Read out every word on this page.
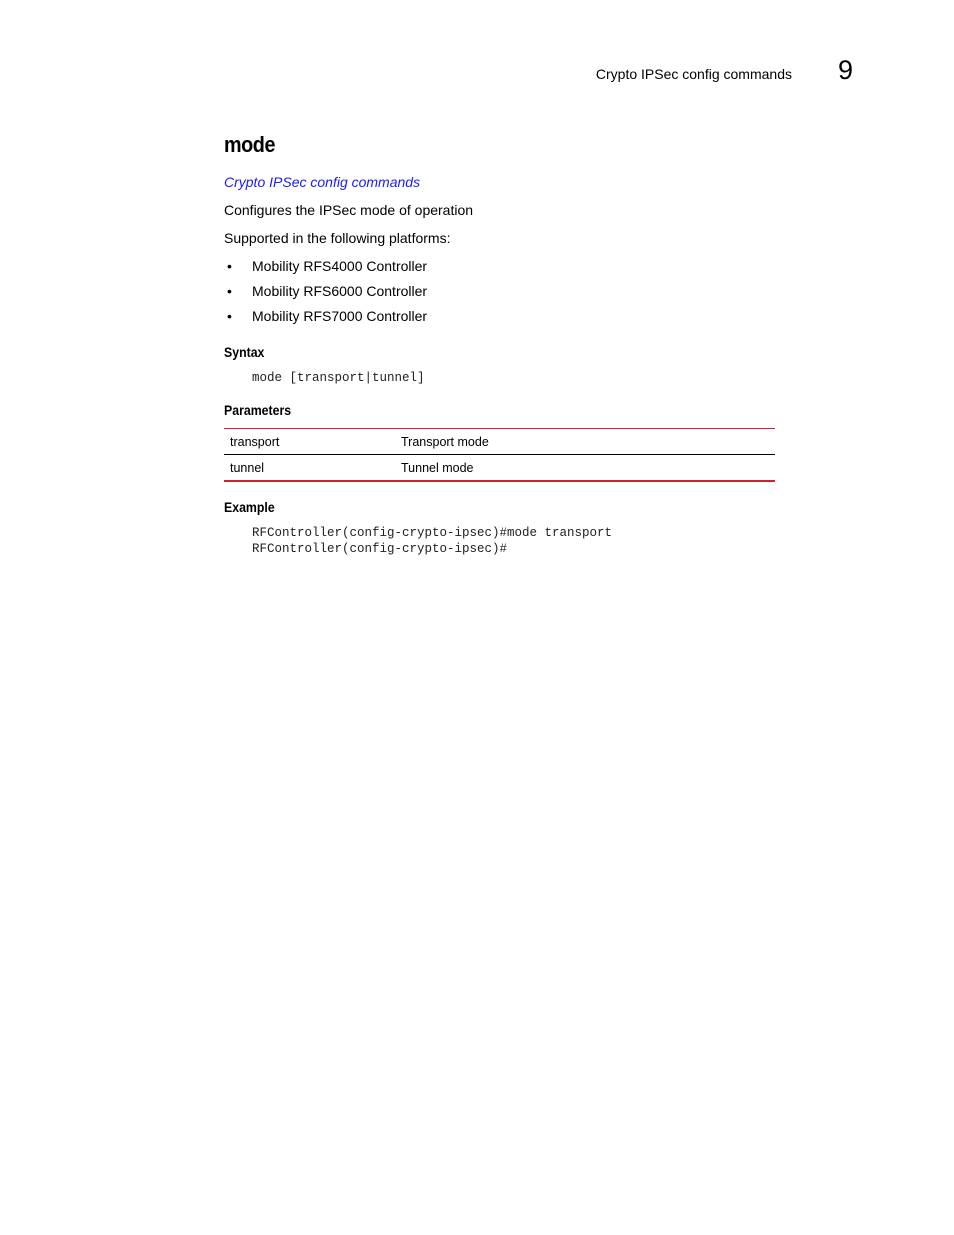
Crypto IPSec config commands 9
mode
Crypto IPSec config commands

Configures the IPSec mode of operation

Supported in the following platforms:

• Mobility RFS4000 Controller
• Mobility RFS6000 Controller
• Mobility RFS7000 Controller
Syntax
mode [transport|tunnel]
Parameters
transport	Transport mode
tunnel	Tunnel mode
Example
RFController(config-crypto-ipsec)#mode transport
RFController(config-crypto-ipsec)#
